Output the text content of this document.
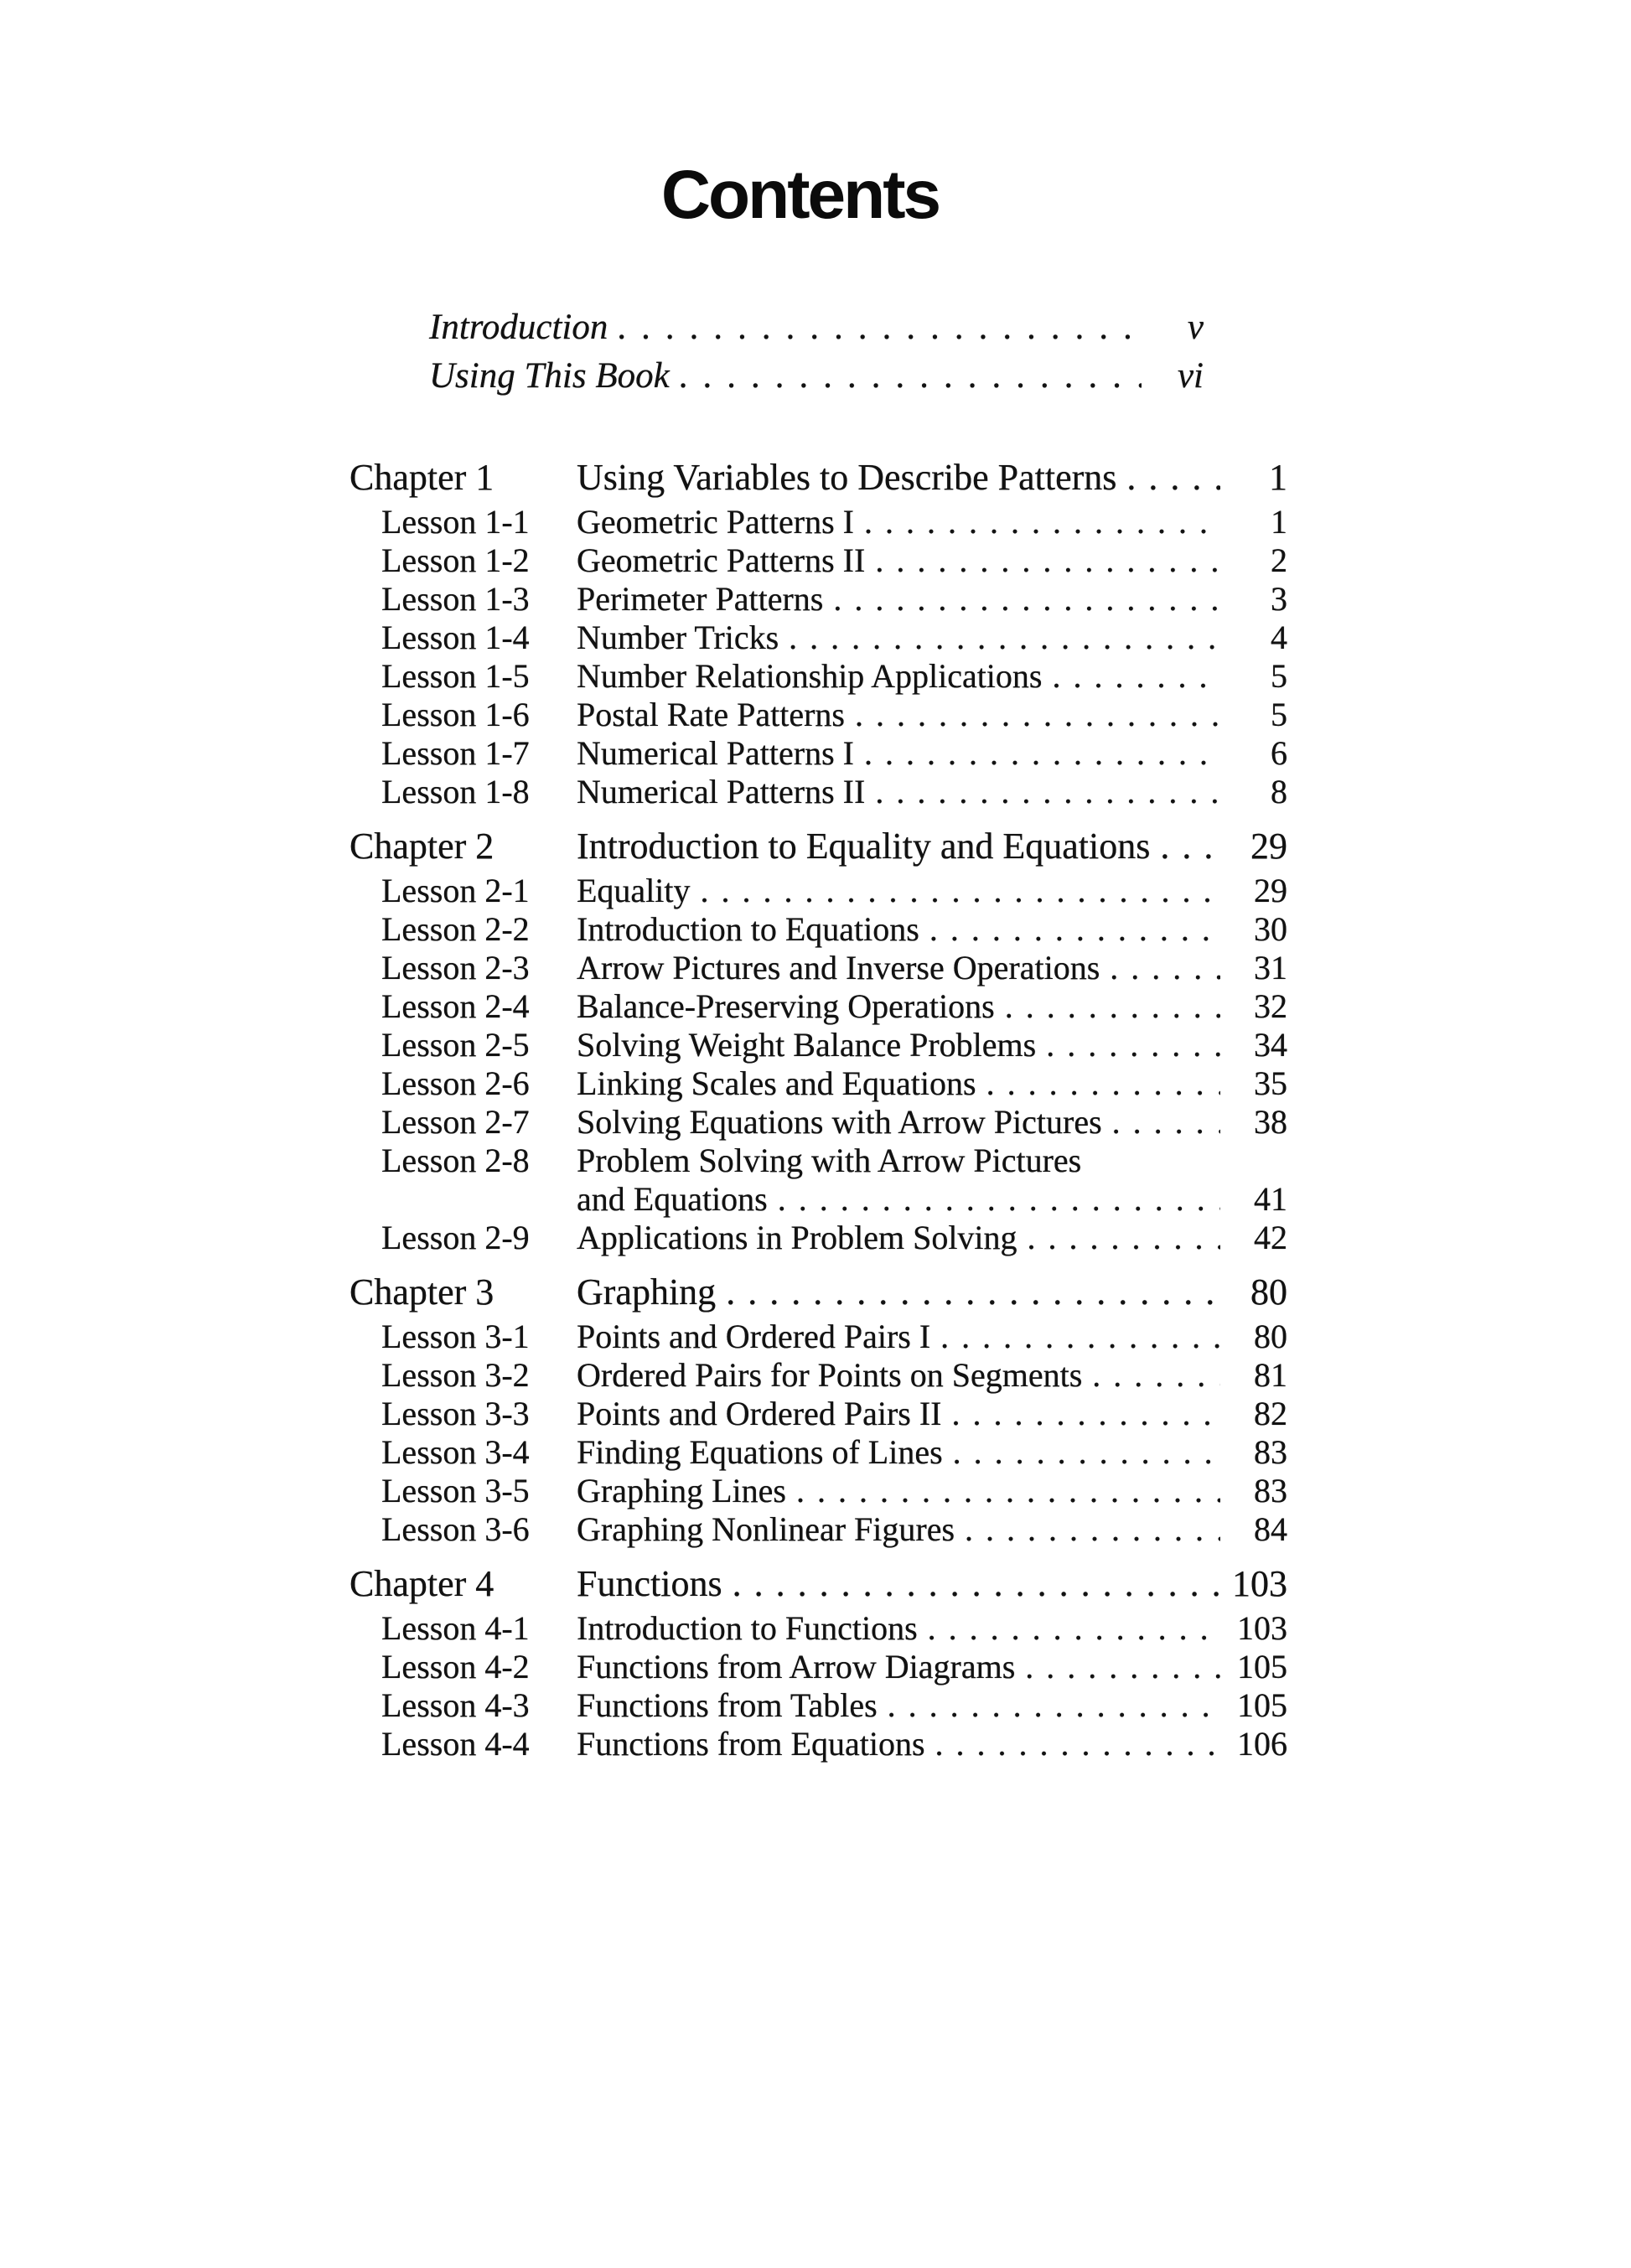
Contents
Introduction .....	v
Using This Book .....	vi
Chapter 1	Using Variables to Describe Patterns .....	1
Lesson 1-1	Geometric Patterns I .....	1
Lesson 1-2	Geometric Patterns II .....	2
Lesson 1-3	Perimeter Patterns .....	3
Lesson 1-4	Number Tricks .....	4
Lesson 1-5	Number Relationship Applications .....	5
Lesson 1-6	Postal Rate Patterns .....	5
Lesson 1-7	Numerical Patterns I .....	6
Lesson 1-8	Numerical Patterns II .....	8
Chapter 2	Introduction to Equality and Equations .....	29
Lesson 2-1	Equality .....	29
Lesson 2-2	Introduction to Equations .....	30
Lesson 2-3	Arrow Pictures and Inverse Operations .....	31
Lesson 2-4	Balance-Preserving Operations .....	32
Lesson 2-5	Solving Weight Balance Problems .....	34
Lesson 2-6	Linking Scales and Equations .....	35
Lesson 2-7	Solving Equations with Arrow Pictures .....	38
Lesson 2-8	Problem Solving with Arrow Pictures
and Equations .....	41
Lesson 2-9	Applications in Problem Solving .....	42
Chapter 3	Graphing .....	80
Lesson 3-1	Points and Ordered Pairs I .....	80
Lesson 3-2	Ordered Pairs for Points on Segments .....	81
Lesson 3-3	Points and Ordered Pairs II .....	82
Lesson 3-4	Finding Equations of Lines .....	83
Lesson 3-5	Graphing Lines .....	83
Lesson 3-6	Graphing Nonlinear Figures .....	84
Chapter 4	Functions .....	103
Lesson 4-1	Introduction to Functions .....	103
Lesson 4-2	Functions from Arrow Diagrams .....	105
Lesson 4-3	Functions from Tables .....	105
Lesson 4-4	Functions from Equations .....	106
